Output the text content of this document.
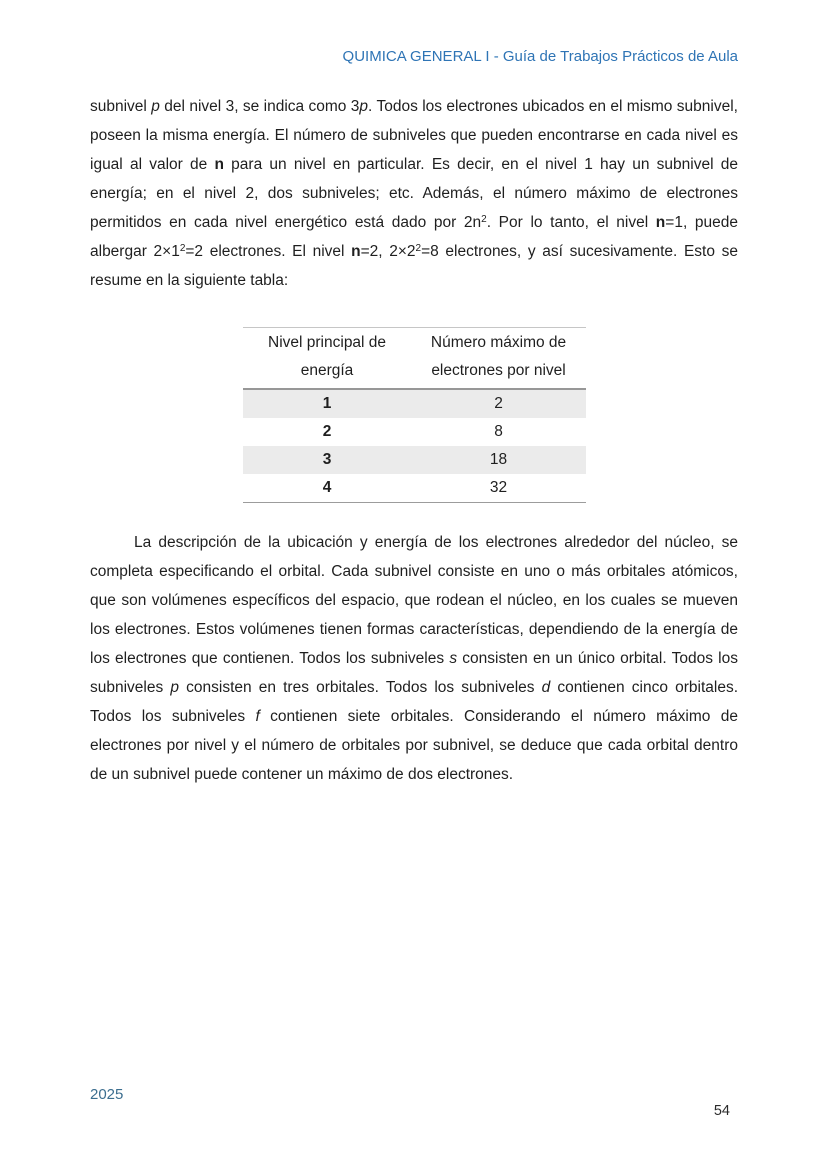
QUIMICA GENERAL I - Guía de Trabajos Prácticos de Aula

subnivel p del nivel 3, se indica como 3p. Todos los electrones ubicados en el mismo subnivel, poseen la misma energía. El número de subniveles que pueden encontrarse en cada nivel es igual al valor de n para un nivel en particular. Es decir, en el nivel 1 hay un subnivel de energía; en el nivel 2, dos subniveles; etc. Además, el número máximo de electrones permitidos en cada nivel energético está dado por $2n^2$. Por lo tanto, el nivel n=1, puede albergar $2\times 1^2=2$ electrones. El nivel n=2, $2\times 2^2=8$ electrones, y así sucesivamente. Esto se resume en la siguiente tabla:

Nivel principal de energía	Número máximo de electrones por nivel
1	2
2	8
3	18
4	32

La descripción de la ubicación y energía de los electrones alrededor del núcleo, se completa especificando el orbital. Cada subnivel consiste en uno o más orbitales atómicos, que son volúmenes específicos del espacio, que rodean el núcleo, en los cuales se mueven los electrones. Estos volúmenes tienen formas características, dependiendo de la energía de los electrones que contienen. Todos los subniveles s consisten en un único orbital. Todos los subniveles p consisten en tres orbitales. Todos los subniveles d contienen cinco orbitales. Todos los subniveles f contienen siete orbitales. Considerando el número máximo de electrones por nivel y el número de orbitales por subnivel, se deduce que cada orbital dentro de un subnivel puede contener un máximo de dos electrones.

2025
54
